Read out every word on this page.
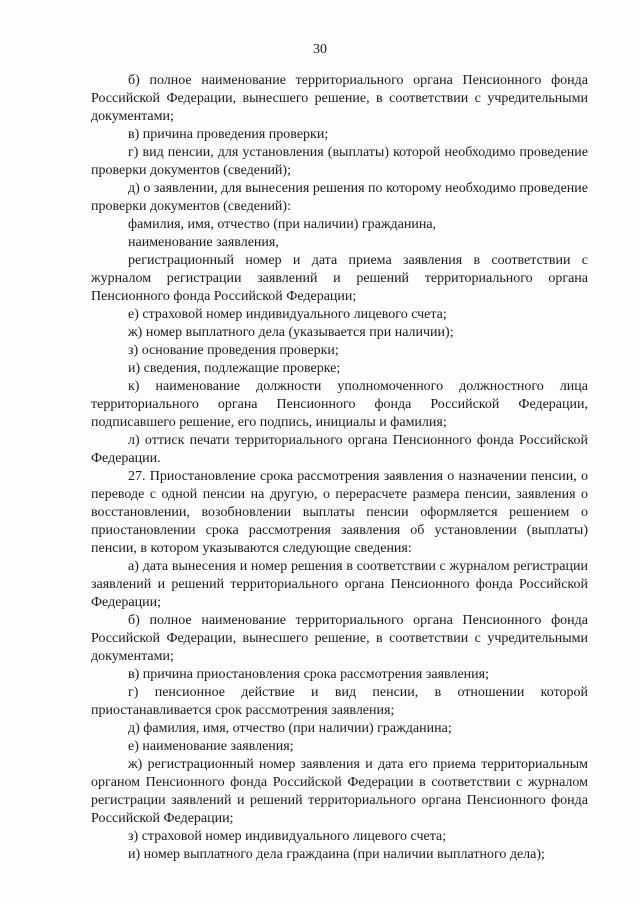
30

б) полное наименование территориального органа Пенсионного фонда Российской Федерации, вынесшего решение, в соответствии с учредительными документами;

в) причина проведения проверки;

г) вид пенсии, для установления (выплаты) которой необходимо проведение проверки документов (сведений);

д) о заявлении, для вынесения решения по которому необходимо проведение проверки документов (сведений):

фамилия, имя, отчество (при наличии) гражданина,

наименование заявления,

регистрационный номер и дата приема заявления в соответствии с журналом регистрации заявлений и решений территориального органа Пенсионного фонда Российской Федерации;

е) страховой номер индивидуального лицевого счета;

ж) номер выплатного дела (указывается при наличии);

з) основание проведения проверки;

и) сведения, подлежащие проверке;

к) наименование должности уполномоченного должностного лица территориального органа Пенсионного фонда Российской Федерации, подписавшего решение, его подпись, инициалы и фамилия;

л) оттиск печати территориального органа Пенсионного фонда Российской Федерации.

27. Приостановление срока рассмотрения заявления о назначении пенсии, о переводе с одной пенсии на другую, о перерасчете размера пенсии, заявления о восстановлении, возобновлении выплаты пенсии оформляется решением о приостановлении срока рассмотрения заявления об установлении (выплаты) пенсии, в котором указываются следующие сведения:

а) дата вынесения и номер решения в соответствии с журналом регистрации заявлений и решений территориального органа Пенсионного фонда Российской Федерации;

б) полное наименование территориального органа Пенсионного фонда Российской Федерации, вынесшего решение, в соответствии с учредительными документами;

в) причина приостановления срока рассмотрения заявления;

г) пенсионное действие и вид пенсии, в отношении которой приостанавливается срок рассмотрения заявления;

д) фамилия, имя, отчество (при наличии) гражданина;

е) наименование заявления;

ж) регистрационный номер заявления и дата его приема территориальным органом Пенсионного фонда Российской Федерации в соответствии с журналом регистрации заявлений и решений территориального органа Пенсионного фонда Российской Федерации;

з) страховой номер индивидуального лицевого счета;

и) номер выплатного дела граждаина (при наличии выплатного дела);
